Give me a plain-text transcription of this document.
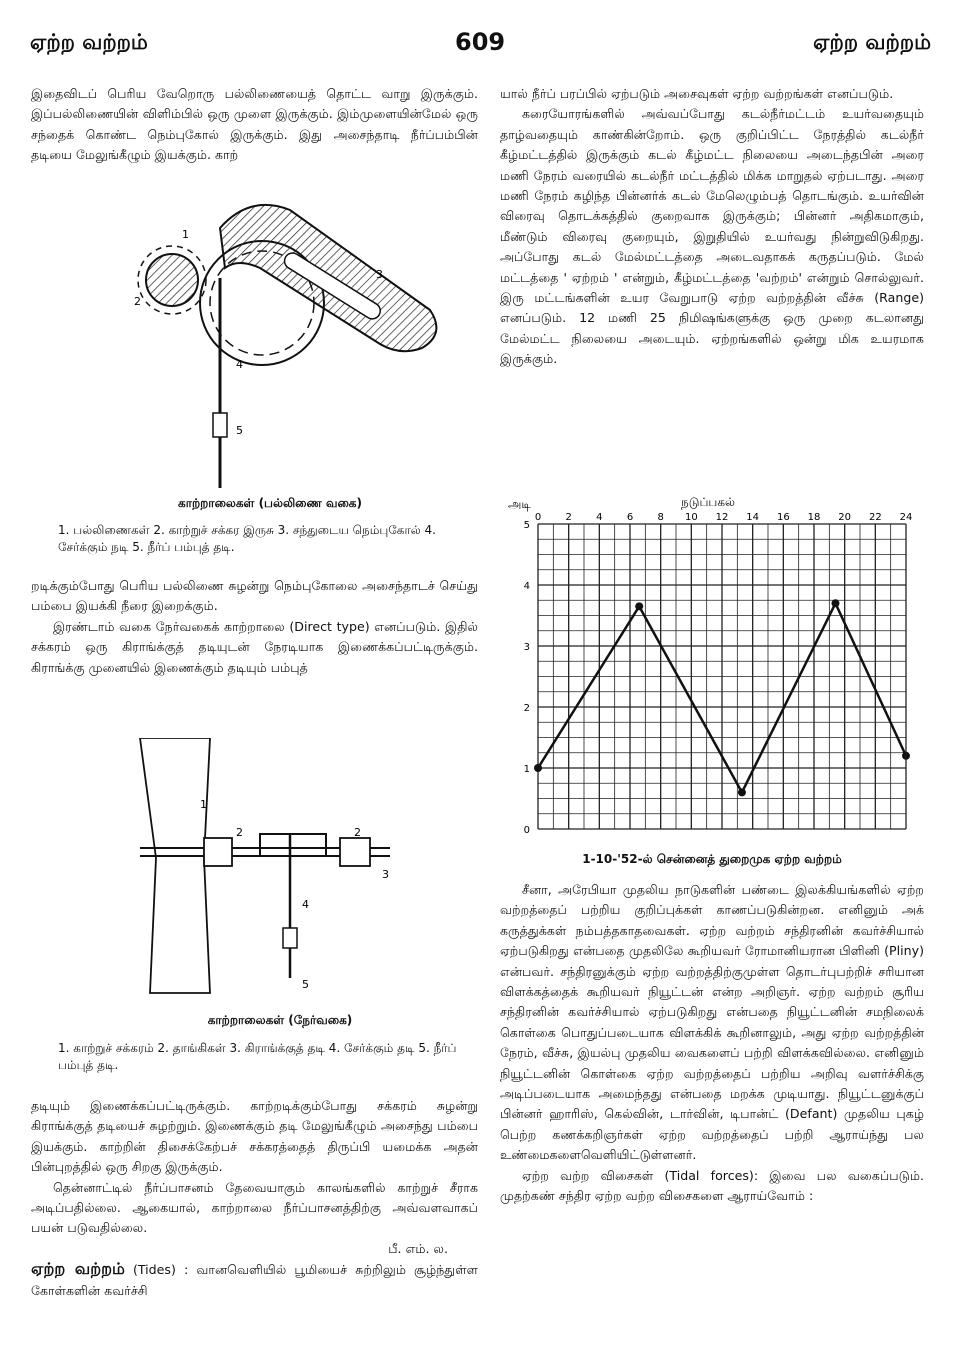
ஏற்ற வற்றம்	609	ஏற்ற வற்றம்

இதைவிடப் பெரிய வேறொரு பல்லிணையைத் தொட்ட வாறு இருக்கும். இப்பல்லிணையின் விளிம்பில் ஒரு முளை இருக்கும். இம்முளையின்மேல் ஒரு சந்தைக் கொண்ட நெம்புகோல் இருக்கும். இது அசைந்தாடி நீர்ப்பம்பின் தடியை மேலுங்கீழும் இயக்கும். காற்

1
2
3
4
5
காற்றாலைகள் (பல்லிணை வகை)
1. பல்லிணைகள் 2. காற்றுச் சக்கர இருசு 3. சந்துடைய நெம்புகோல் 4. சேர்க்கும் நடி 5. நீர்ப் பம்புத் தடி.

றடிக்கும்போது பெரிய பல்லிணை சுழன்று நெம்புகோலை அசைந்தாடச் செய்து பம்பை இயக்கி நீரை இறைக்கும்.

இரண்டாம் வகை நேர்வகைக் காற்றாலை (Direct type) எனப்படும். இதில் சக்கரம் ஒரு கிராங்க்குத் தடியுடன் நேரடியாக இணைக்கப்பட்டிருக்கும். கிராங்க்கு முனையில் இணைக்கும் தடியும் பம்புத்

1
2	2
3
4
5
காற்றாலைகள் (நேர்வகை)
1. காற்றுச் சக்கரம் 2. தாங்கிகள் 3. கிராங்க்குத் தடி 4. சேர்க்கும் தடி 5. நீர்ப் பம்புத் தடி.

தடியும் இணைக்கப்பட்டிருக்கும். காற்றடிக்கும்போது சக்கரம் சுழன்று கிராங்க்குத் தடியைச் சுழற்றும். இணைக்கும் தடி மேலுங்கீழும் அசைந்து பம்பை இயக்கும். காற்றின் திசைக்கேற்பச் சக்கரத்தைத் திருப்பி யமைக்க அதன் பின்புறத்தில் ஒரு சிறகு இருக்கும்.

தென்னாட்டில் நீர்ப்பாசனம் தேவையாகும் காலங்களில் காற்றுச் சீராக அடிப்பதில்லை. ஆகையால், காற்றாலை நீர்ப்பாசனத்திற்கு அவ்வளவாகப் பயன் படுவதில்லை.

பீ. எம். ல.

ஏற்ற வற்றம் (Tides) : வானவெளியில் பூமியைச் சுற்றிலும் சூழ்ந்துள்ள கோள்களின் கவர்ச்சி

யால் நீர்ப் பரப்பில் ஏற்படும் அசைவுகள் ஏற்ற வற்றங்கள் எனப்படும்.

கரையோரங்களில் அவ்வப்போது கடல்நீர்மட்டம் உயர்வதையும் தாழ்வதையும் காண்கின்றோம். ஒரு குறிப்பிட்ட நேரத்தில் கடல்நீர் கீழ்மட்டத்தில் இருக்கும் கடல் கீழ்மட்ட நிலையை அடைந்தபின் அரை மணி நேரம் வரையில் கடல்நீர் மட்டத்தில் மிக்க மாறுதல் ஏற்படாது. அரை மணி நேரம் கழிந்த பின்னர்க் கடல் மேலெழும்பத் தொடங்கும். உயர்வின் விரைவு தொடக்கத்தில் குறைவாக இருக்கும்; பின்னர் அதிகமாகும், மீண்டும் விரைவு குறையும், இறுதியில் உயர்வது நின்றுவிடுகிறது. அப்போது கடல் மேல்மட்டத்தை அடைவதாகக் கருதப்படும். மேல் மட்டத்தை ' ஏற்றம் ' என்றும், கீழ்மட்டத்தை 'வற்றம்' என்றும் சொல்லுவர். இரு மட்டங்களின் உயர வேறுபாடு ஏற்ற வற்றத்தின் வீச்சு (Range) எனப்படும். 12 மணி 25 நிமிஷங்களுக்கு ஒரு முறை கடலானது மேல்மட்ட நிலையை அடையும். ஏற்றங்களில் ஒன்று மிக உயரமாக இருக்கும்.

அடி	நடுப்பகல்
0 2 4 6 8 10 12 14 16 18 20 22 24
0
1
2
3
4
5
1-10-'52-ல் சென்னைத் துறைமுக ஏற்ற வற்றம்

சீனா, அரேபியா முதலிய நாடுகளின் பண்டை இலக்கியங்களில் ஏற்ற வற்றத்தைப் பற்றிய குறிப்புக்கள் காணப்படுகின்றன. எனினும் அக் கருத்துக்கள் நம்பத்தகாதவைகள். ஏற்ற வற்றம் சந்திரனின் கவர்ச்சியால் ஏற்படுகிறது என்பதை முதலிலே கூறியவர் ரோமானியரான பிளினி (Pliny) என்பவர். சந்திரனுக்கும் ஏற்ற வற்றத்திற்குமுள்ள தொடர்புபற்றிச் சரியான விளக்கத்தைக் கூறியவர் நியூட்டன் என்ற அறிஞர். ஏற்ற வற்றம் சூரிய சந்திரனின் கவர்ச்சியால் ஏற்படுகிறது என்பதை நியூட்டனின் சமநிலைக் கொள்கை பொதுப்படையாக விளக்கிக் கூறினாலும், அது ஏற்ற வற்றத்தின் நேரம், வீச்சு, இயல்பு முதலிய வைகளைப் பற்றி விளக்கவில்லை. எனினும் நியூட்டனின் கொள்கை ஏற்ற வற்றத்தைப் பற்றிய அறிவு வளர்ச்சிக்கு அடிப்படையாக அமைந்தது என்பதை மறக்க முடியாது. நியூட்டனுக்குப் பின்னர் ஹாரிஸ், கெல்வின், டார்வின், டிபான்ட் (Defant) முதலிய புகழ் பெற்ற கணக்கறிஞர்கள் ஏற்ற வற்றத்தைப் பற்றி ஆராய்ந்து பல உண்மைகளைவெளியிட்டுள்ளனர்.

ஏற்ற வற்ற விசைகள் (Tidal forces): இவை பல வகைப்படும். முதற்கண் சந்திர ஏற்ற வற்ற விசைகளை ஆராய்வோம் :
